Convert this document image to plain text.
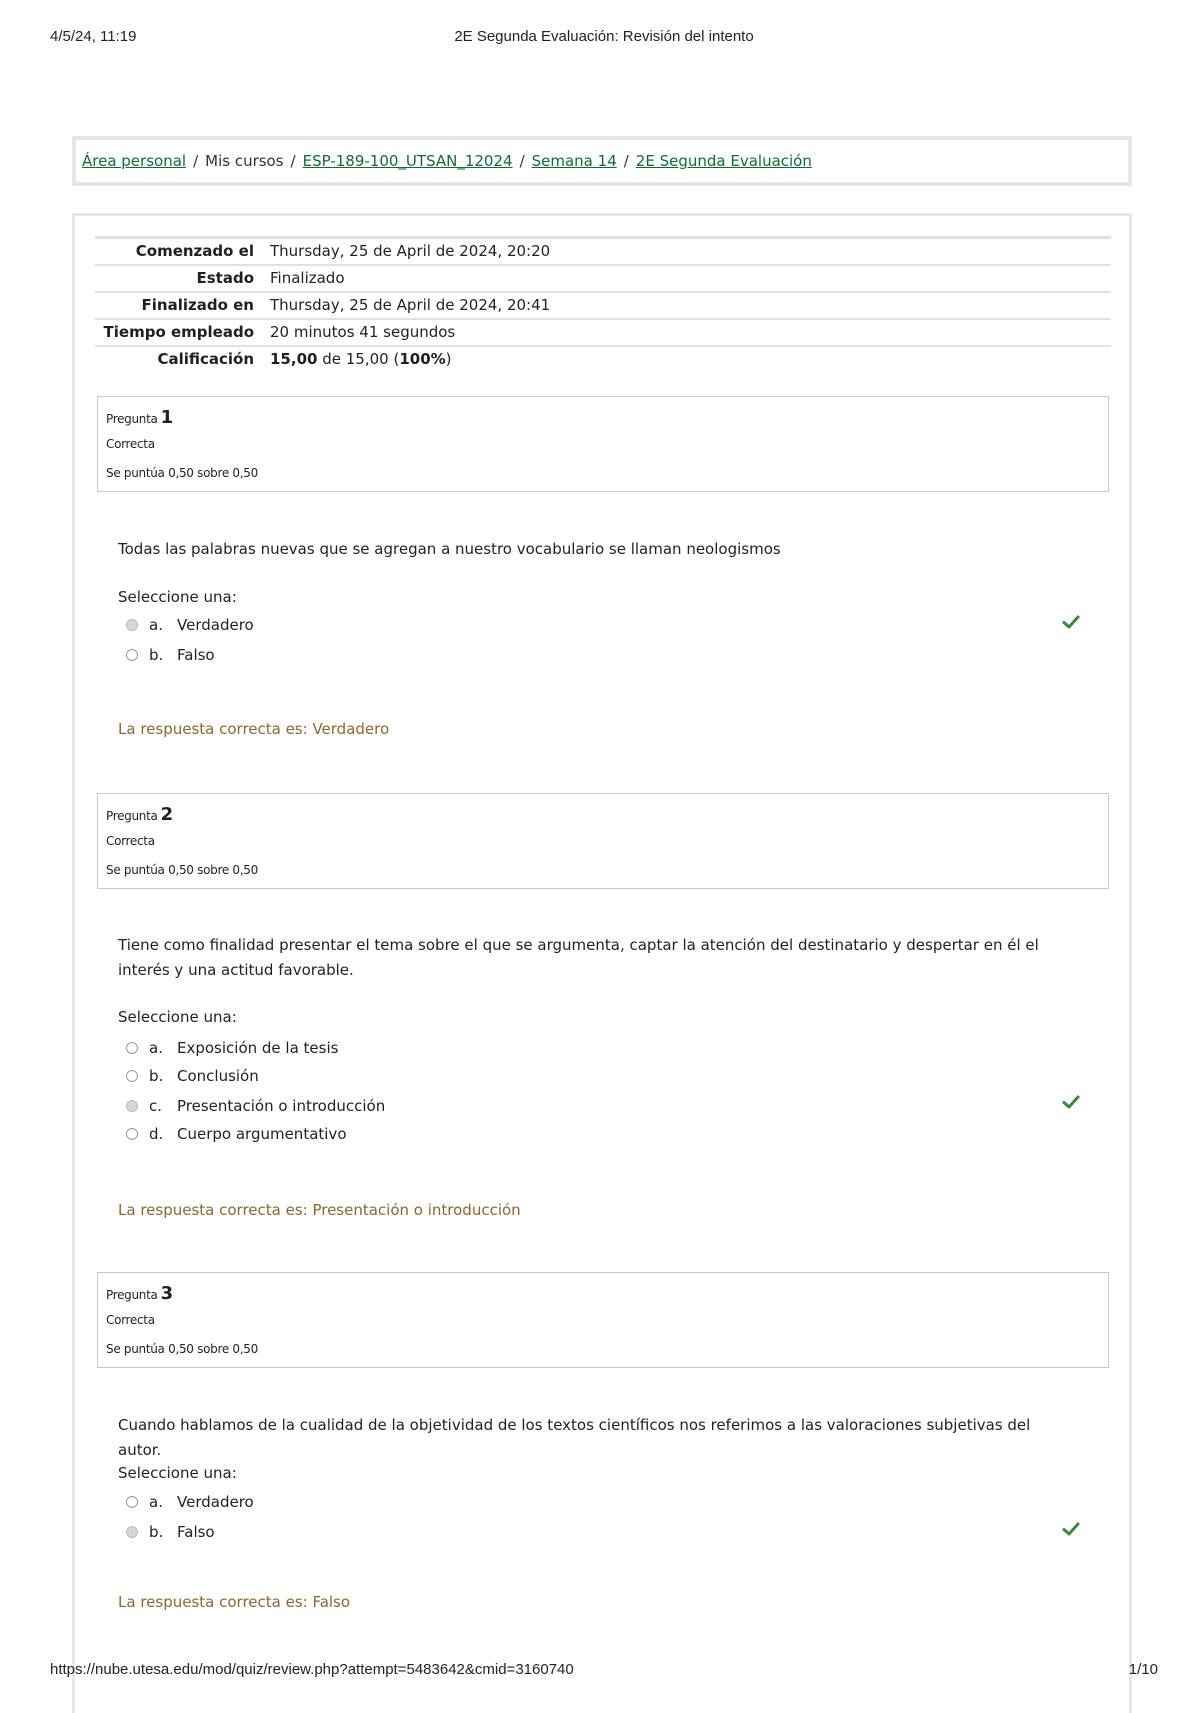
4/5/24, 11:19	2E Segunda Evaluación: Revisión del intento
Área personal / Mis cursos / ESP-189-100_UTSAN_12024 / Semana 14 / 2E Segunda Evaluación
Comenzado el	Thursday, 25 de April de 2024, 20:20
Estado	Finalizado
Finalizado en	Thursday, 25 de April de 2024, 20:41
Tiempo empleado	20 minutos 41 segundos
Calificación	15,00 de 15,00 (100%)
Pregunta 1
Correcta
Se puntúa 0,50 sobre 0,50
Todas las palabras nuevas que se agregan a nuestro vocabulario se llaman neologismos
Seleccione una:
a. Verdadero
b. Falso
La respuesta correcta es: Verdadero
Pregunta 2
Correcta
Se puntúa 0,50 sobre 0,50
Tiene como finalidad presentar el tema sobre el que se argumenta, captar la atención del destinatario y despertar en él el interés y una actitud favorable.
Seleccione una:
a. Exposición de la tesis
b. Conclusión
c. Presentación o introducción
d. Cuerpo argumentativo
La respuesta correcta es: Presentación o introducción
Pregunta 3
Correcta
Se puntúa 0,50 sobre 0,50
Cuando hablamos de la cualidad de la objetividad de los textos científicos nos referimos a las valoraciones subjetivas del autor.
Seleccione una:
a. Verdadero
b. Falso
La respuesta correcta es: Falso
https://nube.utesa.edu/mod/quiz/review.php?attempt=5483642&cmid=3160740	1/10
